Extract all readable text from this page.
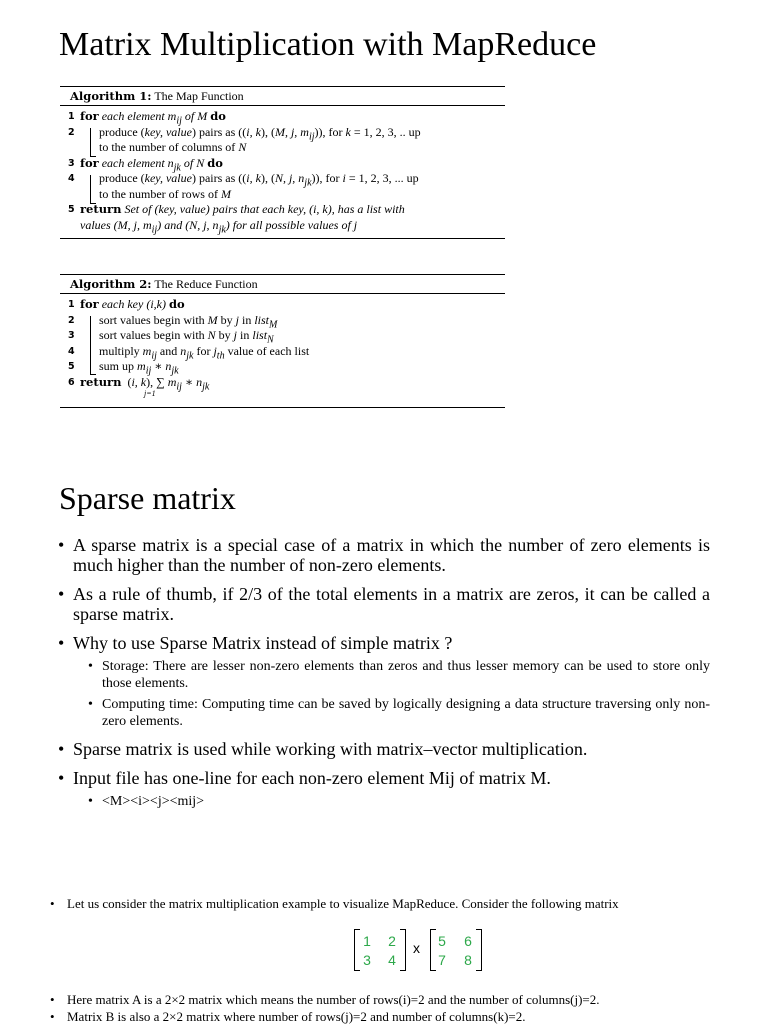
Matrix Multiplication with MapReduce
Algorithm 1: The Map Function
1 for each element $m_{ij}$ of M do
2 produce (key, value) pairs as ((i, k), (M, j, $m_{ij}$)), for k = 1, 2, 3, .. up
to the number of columns of N
3 for each element $n_{jk}$ of N do
4 produce (key, value) pairs as ((i, k), (N, j, $n_{jk}$)), for i = 1, 2, 3, ... up
to the number of rows of M
5 return Set of (key, value) pairs that each key, (i, k), has a list with
values (M, j, $m_{ij}$) and (N, j, $n_{jk}$) for all possible values of j
Algorithm 2: The Reduce Function
1 for each key (i,k) do
2 sort values begin with M by j in list$_M$
3 sort values begin with N by j in list$_N$
4 multiply $m_{ij}$ and $n_{jk}$ for $j_{th}$ value of each list
5 sum up $m_{ij}$ ∗ $n_{jk}$
6 return  (i, k), ∑ $m_{ij}$ ∗ $n_{jk}$
j=1
Sparse matrix
• A sparse matrix is a special case of a matrix in which the number of zero elements is much higher than the number of non-zero elements.
• As a rule of thumb, if 2/3 of the total elements in a matrix are zeros, it can be called a sparse matrix.
• Why to use Sparse Matrix instead of simple matrix ?
• Storage: There are lesser non-zero elements than zeros and thus lesser memory can be used to store only those elements.
• Computing time: Computing time can be saved by logically designing a data structure traversing only non-zero elements.
• Sparse matrix is used while working with matrix–vector multiplication.
• Input file has one-line for each non-zero element Mij of matrix M.
• <M><i><j><mij>
• Let us consider the matrix multiplication example to visualize MapReduce. Consider the following matrix
1	2
3	4
x	5	6
7	8
• Here matrix A is a 2×2 matrix which means the number of rows(i)=2 and the number of columns(j)=2.
• Matrix B is also a 2×2 matrix where number of rows(j)=2 and number of columns(k)=2.
